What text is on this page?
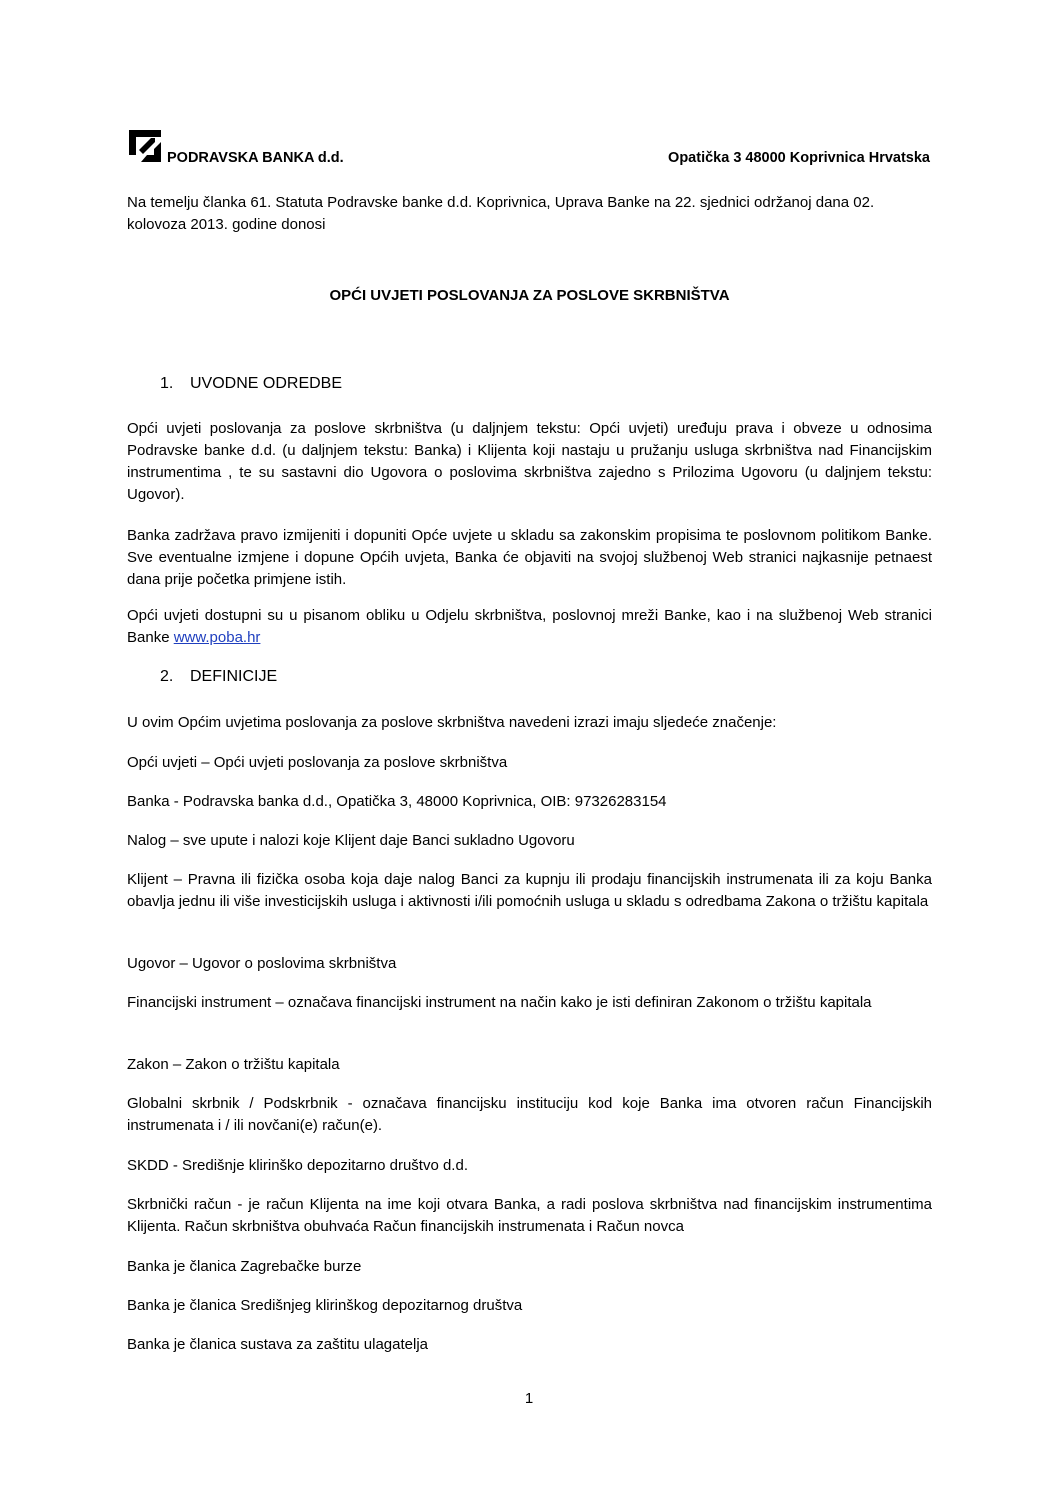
PODRAVSKA BANKA d.d.	Opatička 3 48000 Koprivnica Hrvatska
Na temelju članka 61. Statuta Podravske banke d.d. Koprivnica, Uprava Banke na 22. sjednici održanoj dana 02.
kolovoza 2013. godine donosi
OPĆI UVJETI POSLOVANJA ZA POSLOVE SKRBNIŠTVA
1. UVODNE ODREDBE
Opći uvjeti poslovanja za poslove skrbništva (u daljnjem tekstu: Opći uvjeti) uređuju prava i obveze u odnosima Podravske banke d.d. (u daljnjem tekstu: Banka) i Klijenta koji nastaju u pružanju usluga skrbništva nad Financijskim instrumentima , te su sastavni dio Ugovora o poslovima skrbništva zajedno s Prilozima Ugovoru (u daljnjem tekstu: Ugovor).
Banka zadržava pravo izmijeniti i dopuniti Opće uvjete u skladu sa zakonskim propisima te poslovnom politikom Banke. Sve eventualne izmjene i dopune Općih uvjeta, Banka će objaviti na svojoj službenoj Web stranici najkasnije petnaest dana prije početka primjene istih.
Opći uvjeti dostupni su u pisanom obliku u Odjelu skrbništva, poslovnoj mreži Banke, kao i na službenoj Web stranici Banke www.poba.hr
2. DEFINICIJE
U ovim Općim uvjetima poslovanja za poslove skrbništva navedeni izrazi imaju sljedeće značenje:
Opći uvjeti – Opći uvjeti poslovanja za poslove skrbništva
Banka - Podravska banka d.d., Opatička 3, 48000 Koprivnica, OIB: 97326283154
Nalog – sve upute i nalozi koje Klijent daje Banci sukladno Ugovoru
Klijent – Pravna ili fizička osoba koja daje nalog Banci za kupnju ili prodaju financijskih instrumenata ili za koju Banka obavlja jednu ili više investicijskih usluga i aktivnosti i/ili pomoćnih usluga u skladu s odredbama Zakona o tržištu kapitala
Ugovor – Ugovor o poslovima skrbništva
Financijski instrument – označava financijski instrument na način kako je isti definiran Zakonom o tržištu kapitala
Zakon – Zakon o tržištu kapitala
Globalni skrbnik / Podskrbnik - označava financijsku instituciju kod koje Banka ima otvoren račun Financijskih instrumenata i / ili novčani(e) račun(e).
SKDD - Središnje klirinško depozitarno društvo d.d.
Skrbnički račun - je račun Klijenta na ime koji otvara Banka, a radi poslova skrbništva nad financijskim instrumentima Klijenta. Račun skrbništva obuhvaća Račun financijskih instrumenata i Račun novca
Banka je članica Zagrebačke burze
Banka je članica Središnjeg klirinškog depozitarnog društva
Banka je članica sustava za zaštitu ulagatelja
1
